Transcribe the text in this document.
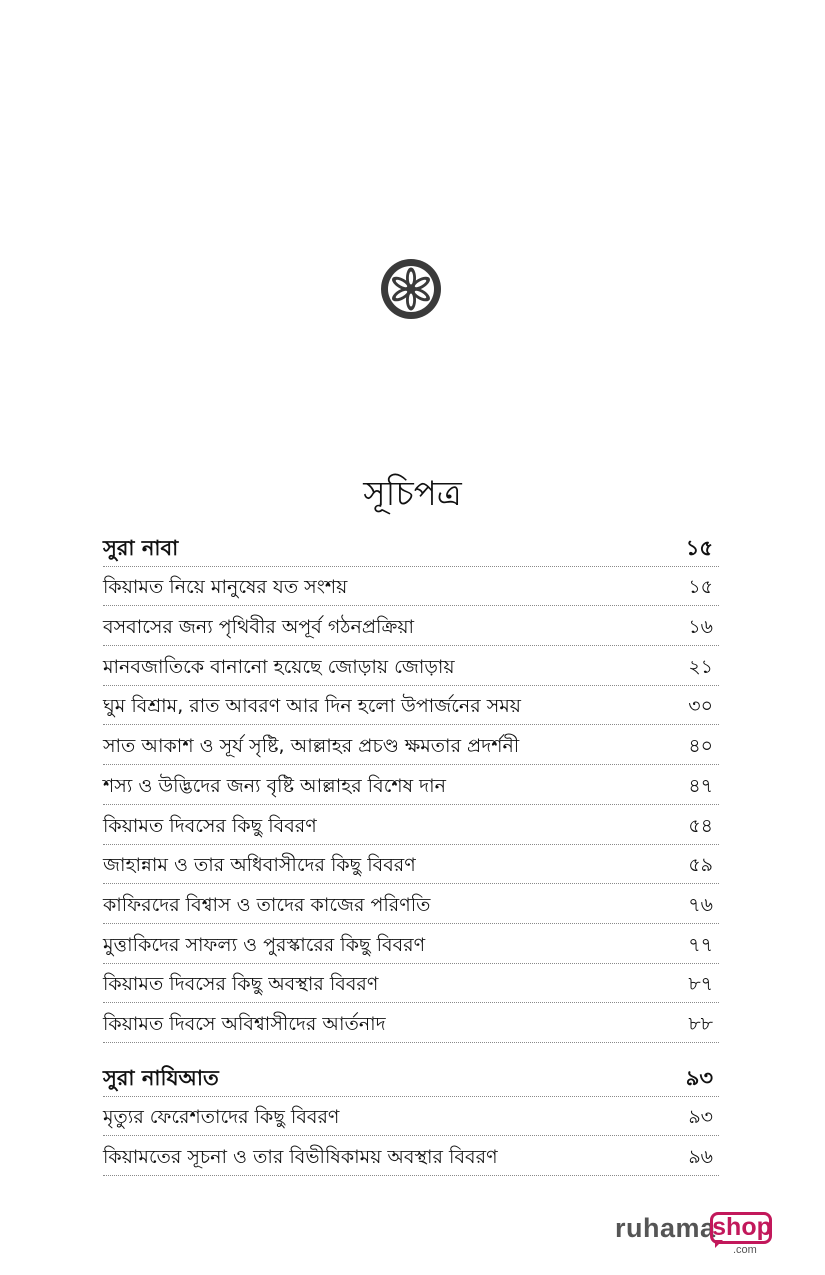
সূচিপত্র
সুরা নাবা	১৫
কিয়ামত নিয়ে মানুষের যত সংশয়	১৫
বসবাসের জন্য পৃথিবীর অপূর্ব গঠনপ্রক্রিয়া	১৬
মানবজাতিকে বানানো হয়েছে জোড়ায় জোড়ায়	২১
ঘুম বিশ্রাম, রাত আবরণ আর দিন হলো উপার্জনের সময়	৩০
সাত আকাশ ও সূর্য সৃষ্টি, আল্লাহর প্রচণ্ড ক্ষমতার প্রদর্শনী	৪০
শস্য ও উদ্ভিদের জন্য বৃষ্টি আল্লাহর বিশেষ দান	৪৭
কিয়ামত দিবসের কিছু বিবরণ	৫৪
জাহান্নাম ও তার অধিবাসীদের কিছু বিবরণ	৫৯
কাফিরদের বিশ্বাস ও তাদের কাজের পরিণতি	৭৬
মুত্তাকিদের সাফল্য ও পুরস্কারের কিছু বিবরণ	৭৭
কিয়ামত দিবসের কিছু অবস্থার বিবরণ	৮৭
কিয়ামত দিবসে অবিশ্বাসীদের আর্তনাদ	৮৮
সুরা নাযিআত	৯৩
মৃত্যুর ফেরেশতাদের কিছু বিবরণ	৯৩
কিয়ামতের সূচনা ও তার বিভীষিকাময় অবস্থার বিবরণ	৯৬
ruhama
shop
.com
